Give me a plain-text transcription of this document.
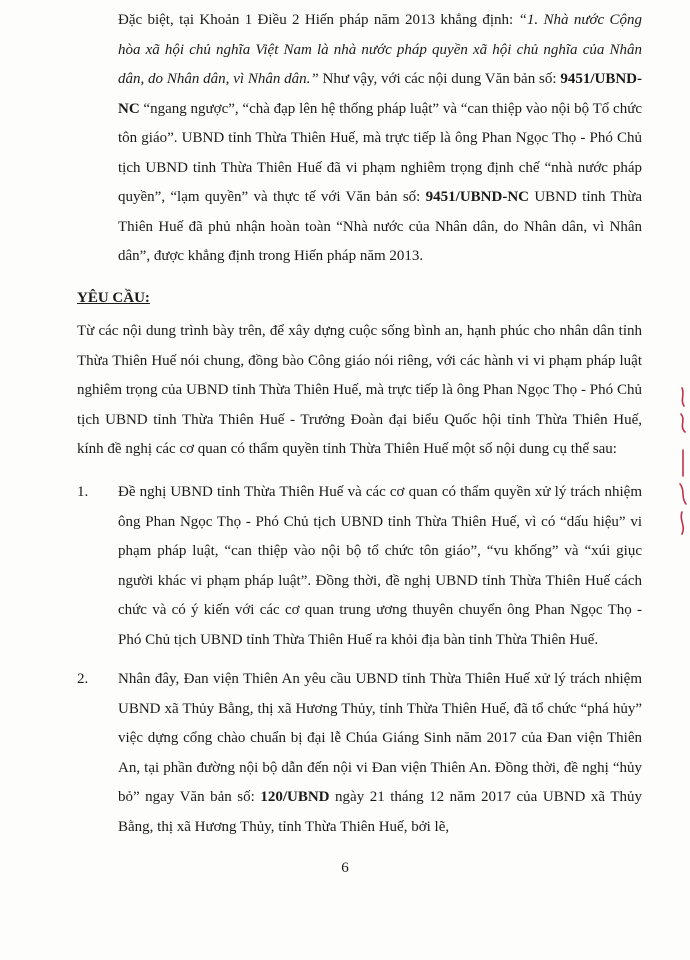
Đặc biệt, tại Khoản 1 Điều 2 Hiến pháp năm 2013 khẳng định: “1. Nhà nước Cộng hòa xã hội chủ nghĩa Việt Nam là nhà nước pháp quyền xã hội chủ nghĩa của Nhân dân, do Nhân dân, vì Nhân dân.” Như vậy, với các nội dung Văn bản số: 9451/UBND-NC “ngang ngược”, “chà đạp lên hệ thống pháp luật” và “can thiệp vào nội bộ Tổ chức tôn giáo”. UBND tỉnh Thừa Thiên Huế, mà trực tiếp là ông Phan Ngọc Thọ - Phó Chủ tịch UBND tỉnh Thừa Thiên Huế đã vi phạm nghiêm trọng định chế “nhà nước pháp quyền”, “lạm quyền” và thực tế với Văn bản số: 9451/UBND-NC UBND tỉnh Thừa Thiên Huế đã phủ nhận hoàn toàn “Nhà nước của Nhân dân, do Nhân dân, vì Nhân dân”, được khẳng định trong Hiến pháp năm 2013.
YÊU CẦU:
Từ các nội dung trình bày trên, để xây dựng cuộc sống bình an, hạnh phúc cho nhân dân tỉnh Thừa Thiên Huế nói chung, đồng bào Công giáo nói riêng, với các hành vi vi phạm pháp luật nghiêm trọng của UBND tỉnh Thừa Thiên Huế, mà trực tiếp là ông Phan Ngọc Thọ - Phó Chủ tịch UBND tỉnh Thừa Thiên Huế - Trưởng Đoàn đại biểu Quốc hội tỉnh Thừa Thiên Huế, kính đề nghị các cơ quan có thẩm quyền tỉnh Thừa Thiên Huế một số nội dung cụ thể sau:
1. Đề nghị UBND tỉnh Thừa Thiên Huế và các cơ quan có thẩm quyền xử lý trách nhiệm ông Phan Ngọc Thọ - Phó Chủ tịch UBND tỉnh Thừa Thiên Huế, vì có “dấu hiệu” vi phạm pháp luật, “can thiệp vào nội bộ tổ chức tôn giáo”, “vu khống” và “xúi giục người khác vi phạm pháp luật”. Đồng thời, đề nghị UBND tỉnh Thừa Thiên Huế cách chức và có ý kiến với các cơ quan trung ương thuyên chuyển ông Phan Ngọc Thọ - Phó Chủ tịch UBND tỉnh Thừa Thiên Huế ra khỏi địa bàn tỉnh Thừa Thiên Huế.
2. Nhân đây, Đan viện Thiên An yêu cầu UBND tỉnh Thừa Thiên Huế xử lý trách nhiệm UBND xã Thủy Bằng, thị xã Hương Thủy, tỉnh Thừa Thiên Huế, đã tổ chức “phá hủy” việc dựng cổng chào chuẩn bị đại lễ Chúa Giáng Sinh năm 2017 của Đan viện Thiên An, tại phần đường nội bộ dẫn đến nội vi Đan viện Thiên An. Đồng thời, đề nghị “hủy bỏ” ngay Văn bản số: 120/UBND ngày 21 tháng 12 năm 2017 của UBND xã Thủy Bằng, thị xã Hương Thủy, tỉnh Thừa Thiên Huế, bởi lẽ,
6
